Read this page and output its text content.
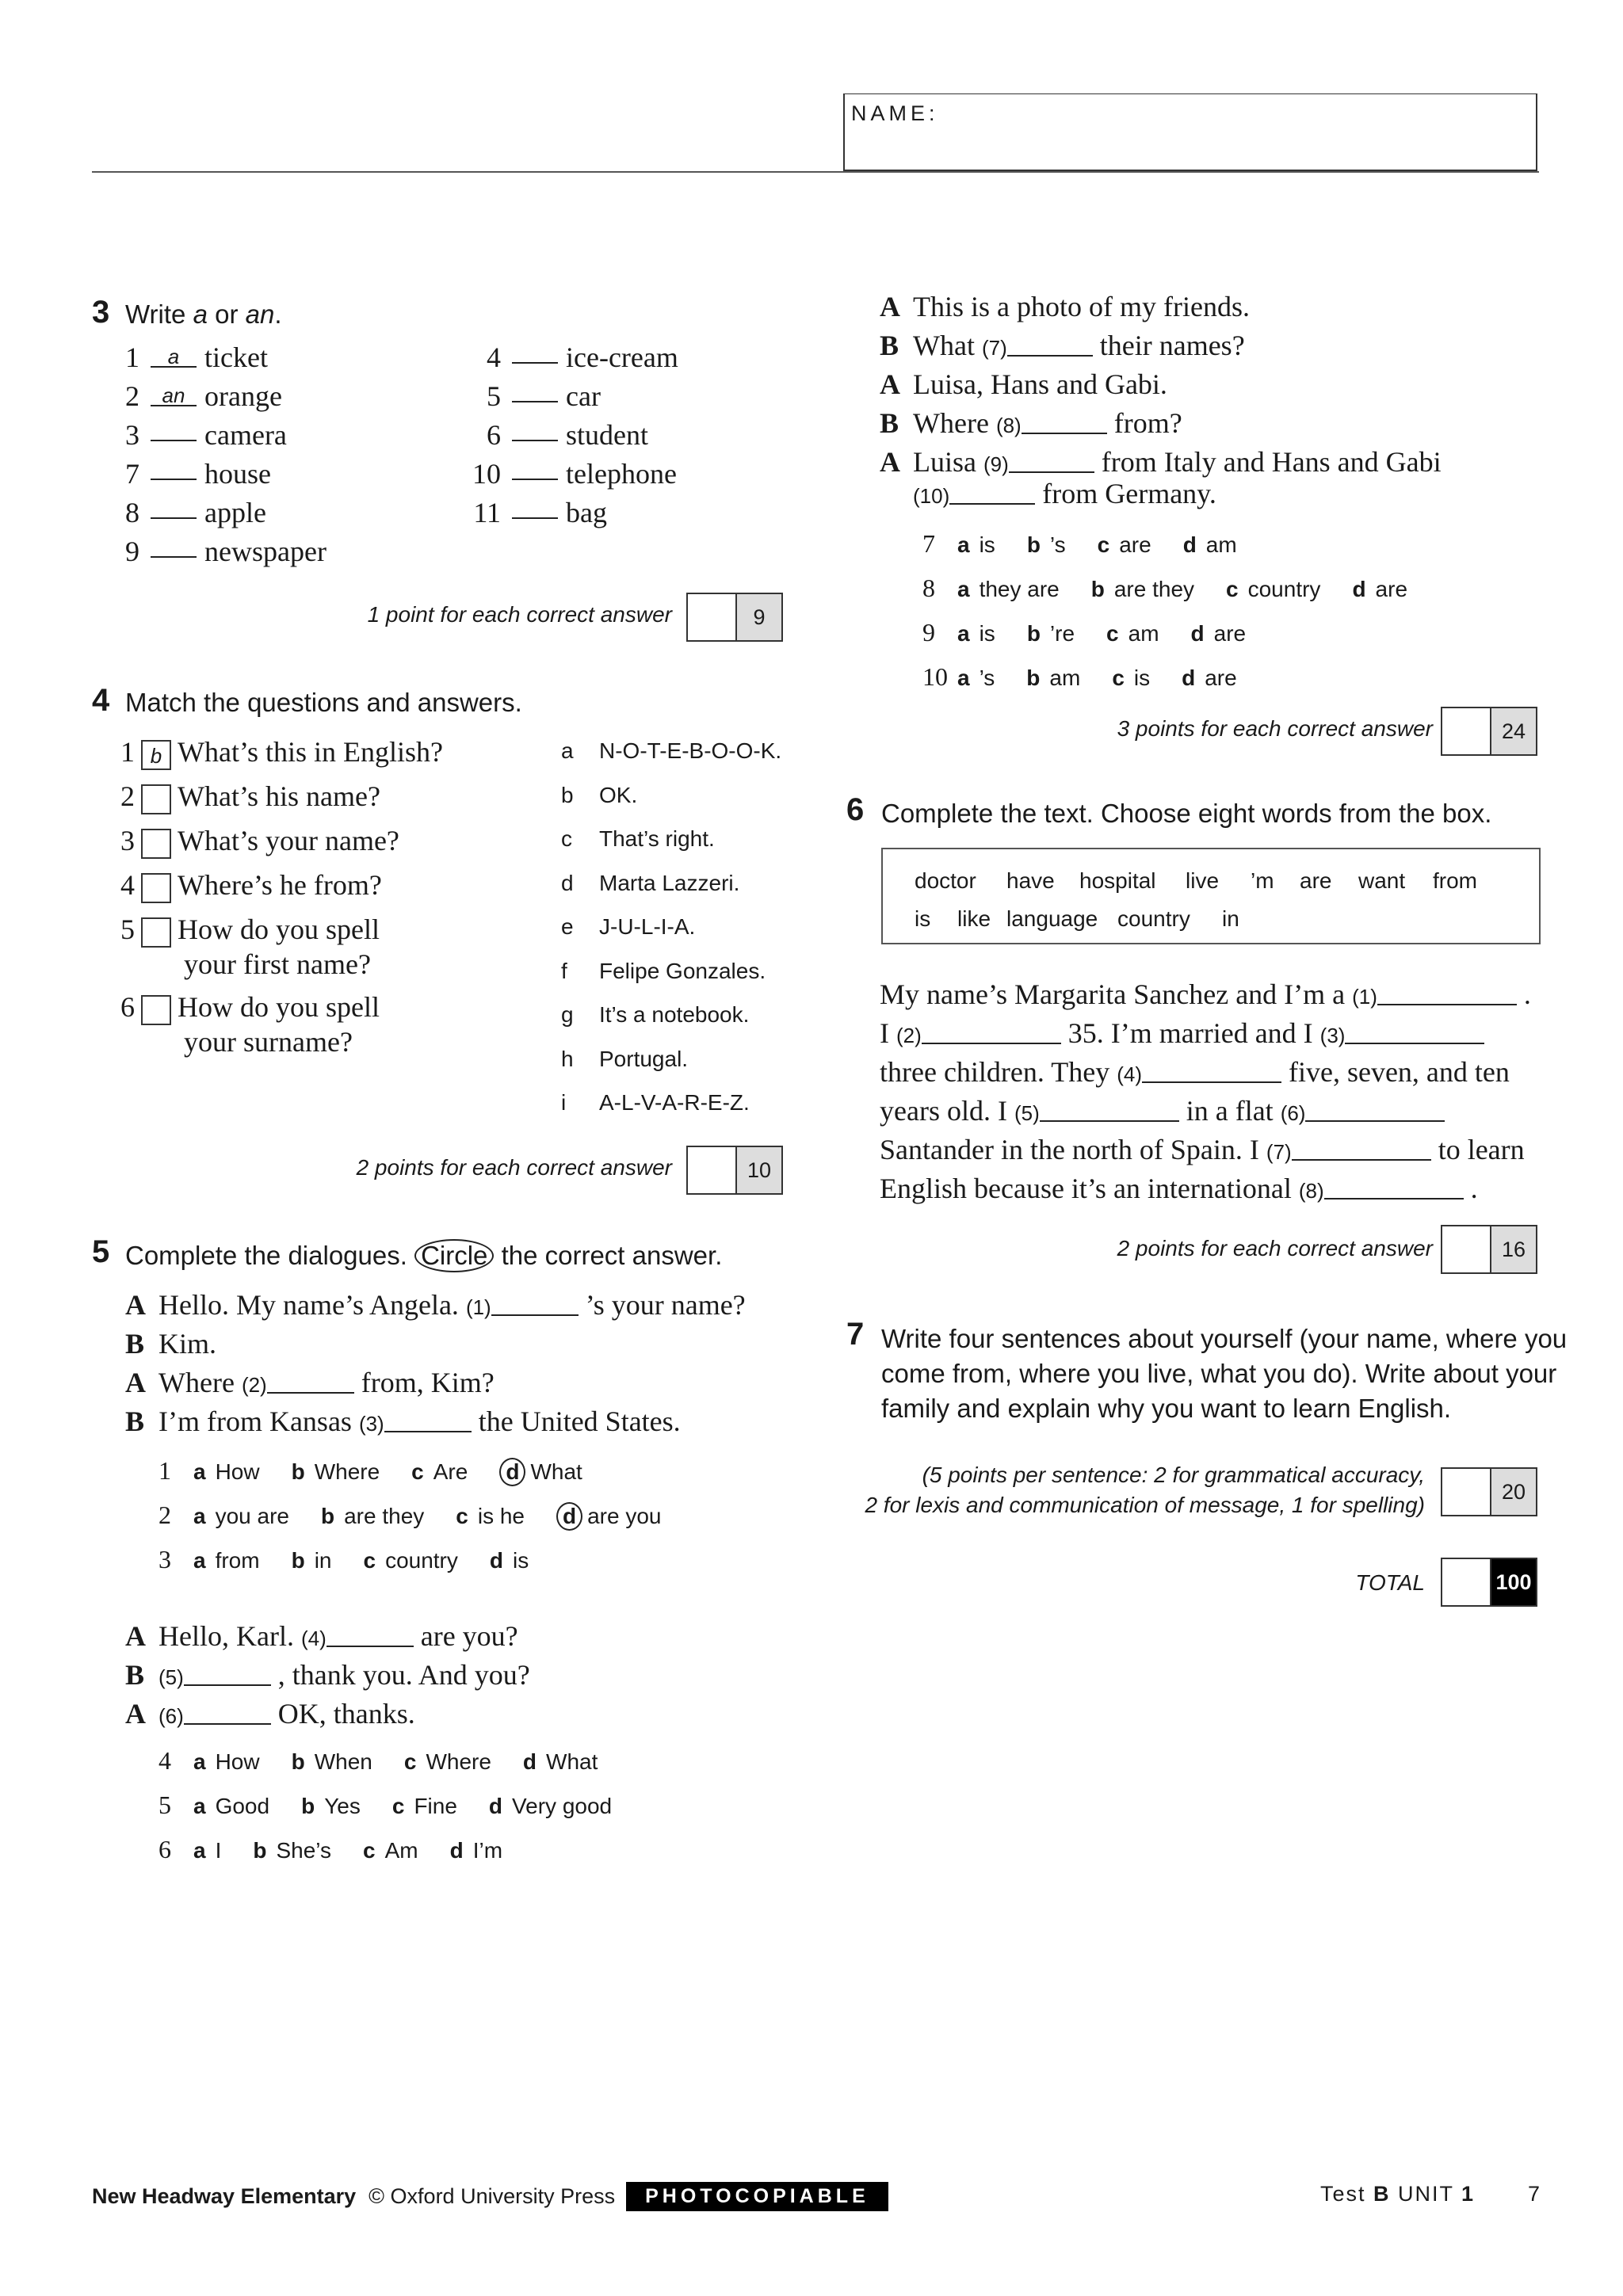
NAME:
3 Write a or an.
1 a ticket
2 an orange
3 camera
7 house
8 apple
9 newspaper
4 ice-cream
5 car
6 student
10 telephone
11 bag
1 point for each correct answer	9
4 Match the questions and answers.
1 b What’s this in English?
2 What’s his name?
3 What’s your name?
4 Where’s he from?
5 How do you spell
your first name?
6 How do you spell
your surname?
a N-O-T-E-B-O-O-K.
b OK.
c That’s right.
d Marta Lazzeri.
e J-U-L-I-A.
f Felipe Gonzales.
g It’s a notebook.
h Portugal.
i A-L-V-A-R-E-Z.
2 points for each correct answer	10
5 Complete the dialogues. Circle the correct answer.
A Hello. My name’s Angela. (1)	’s your name?
B Kim.
A Where (2)	from, Kim?
B I’m from Kansas (3)	the United States.
1 a How b Where c Are d What
2 a you are b are they c is he d are you
3 a from b in c country d is
A Hello, Karl. (4)	are you?
B (5)	, thank you. And you?
A (6)	OK, thanks.
4 a How b When c Where d What
5 a Good b Yes c Fine d Very good
6 a I b She’s c Am d I’m
A This is a photo of my friends.
B What (7)	their names?
A Luisa, Hans and Gabi.
B Where (8)	from?
A Luisa (9)	from Italy and Hans and Gabi
(10)	from Germany.
7 a is b ’s c are d am
8 a they are b are they c country d are
9 a is b ’re c am d are
10 a ’s b am c is d are
3 points for each correct answer	24
6 Complete the text. Choose eight words from the box.
doctor have hospital live ’m are want from
is like language country in
My name’s Margarita Sanchez and I’m a (1)	.
I (2)	35. I’m married and I (3)
three children. They (4)	five, seven, and ten
years old. I (5)	in a flat (6)
Santander in the north of Spain. I (7)	to learn
English because it’s an international (8)	.
2 points for each correct answer	16
7 Write four sentences about yourself (your name, where you
come from, where you live, what you do). Write about your
family and explain why you want to learn English.
(5 points per sentence: 2 for grammatical accuracy,
2 for lexis and communication of message, 1 for spelling)
20
TOTAL	100
New Headway Elementary © Oxford University Press	PHOTOCOPIABLE	Test B UNIT 1 7
